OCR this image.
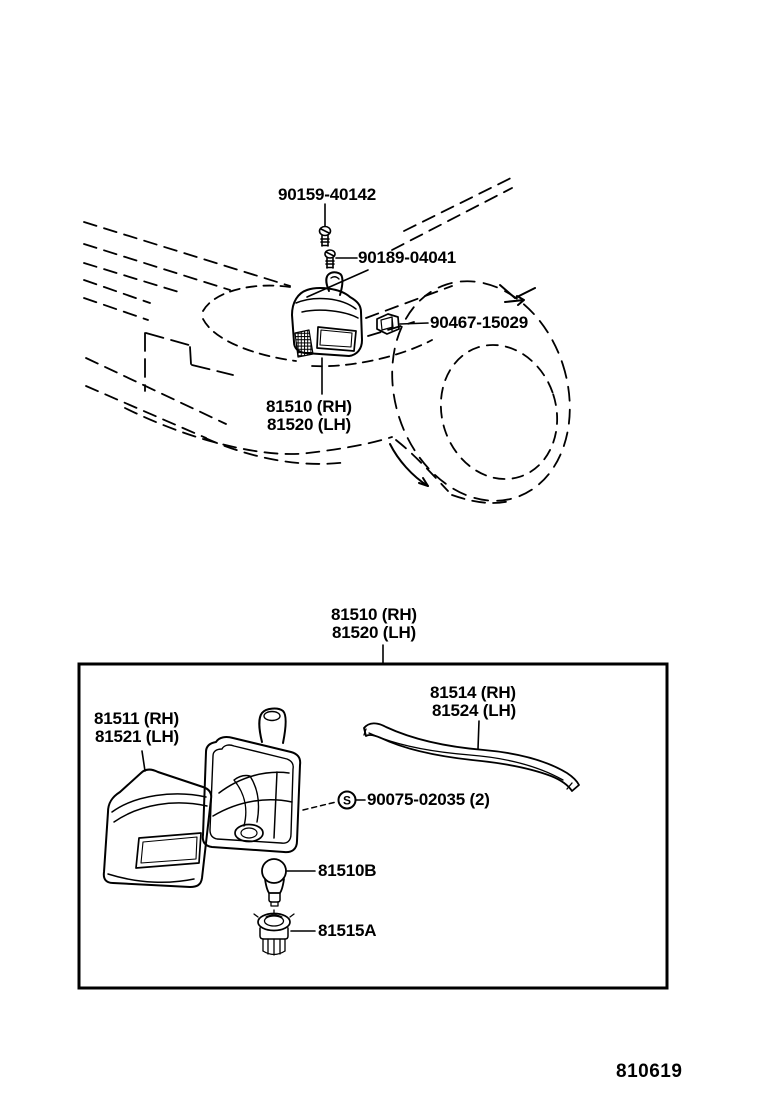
S
90159-40142
90189-04041
90467-15029
81510 (RH)
81520 (LH)
81510 (RH)
81520 (LH)
81511 (RH)
81521 (LH)
81514 (RH)
81524 (LH)
90075-02035 (2)
81510B
81515A
810619
